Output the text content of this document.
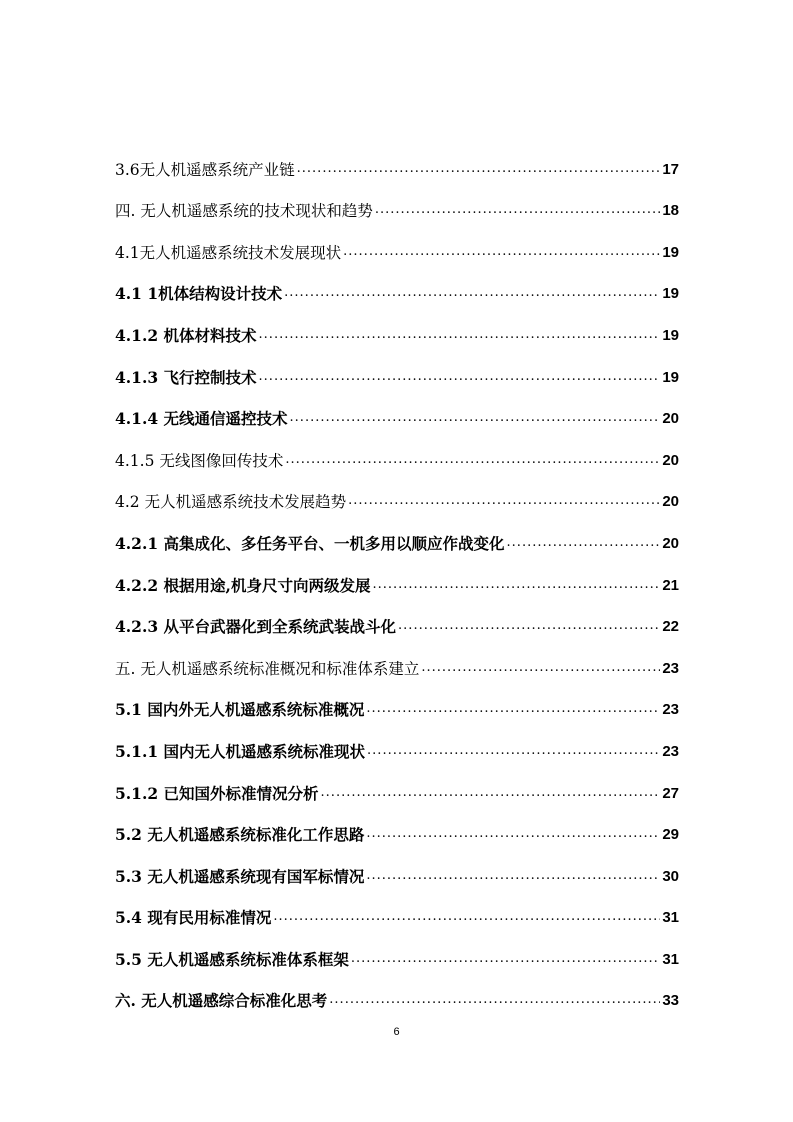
3.6无人机遥感系统产业链 .....	17
四. 无人机遥感系统的技术现状和趋势 .....	18
4.1无人机遥感系统技术发展现状 .....	19
4.1 1机体结构设计技术 .....	19
4.1.2 机体材料技术 .....	19
4.1.3 飞行控制技术 .....	19
4.1.4 无线通信遥控技术 .....	20
4.1.5 无线图像回传技术 .....	20
4.2 无人机遥感系统技术发展趋势 .....	20
4.2.1 高集成化、多任务平台、一机多用以顺应作战变化 .....	20
4.2.2 根据用途,机身尺寸向两级发展 .....	21
4.2.3 从平台武器化到全系统武装战斗化 .....	22
五. 无人机遥感系统标准概况和标准体系建立 .....	23
5.1 国内外无人机遥感系统标准概况 .....	23
5.1.1 国内无人机遥感系统标准现状 .....	23
5.1.2 已知国外标准情况分析 .....	27
5.2 无人机遥感系统标准化工作思路 .....	29
5.3 无人机遥感系统现有国军标情况 .....	30
5.4 现有民用标准情况 .....	31
5.5 无人机遥感系统标准体系框架 .....	31
六. 无人机遥感综合标准化思考 .....	33
6
